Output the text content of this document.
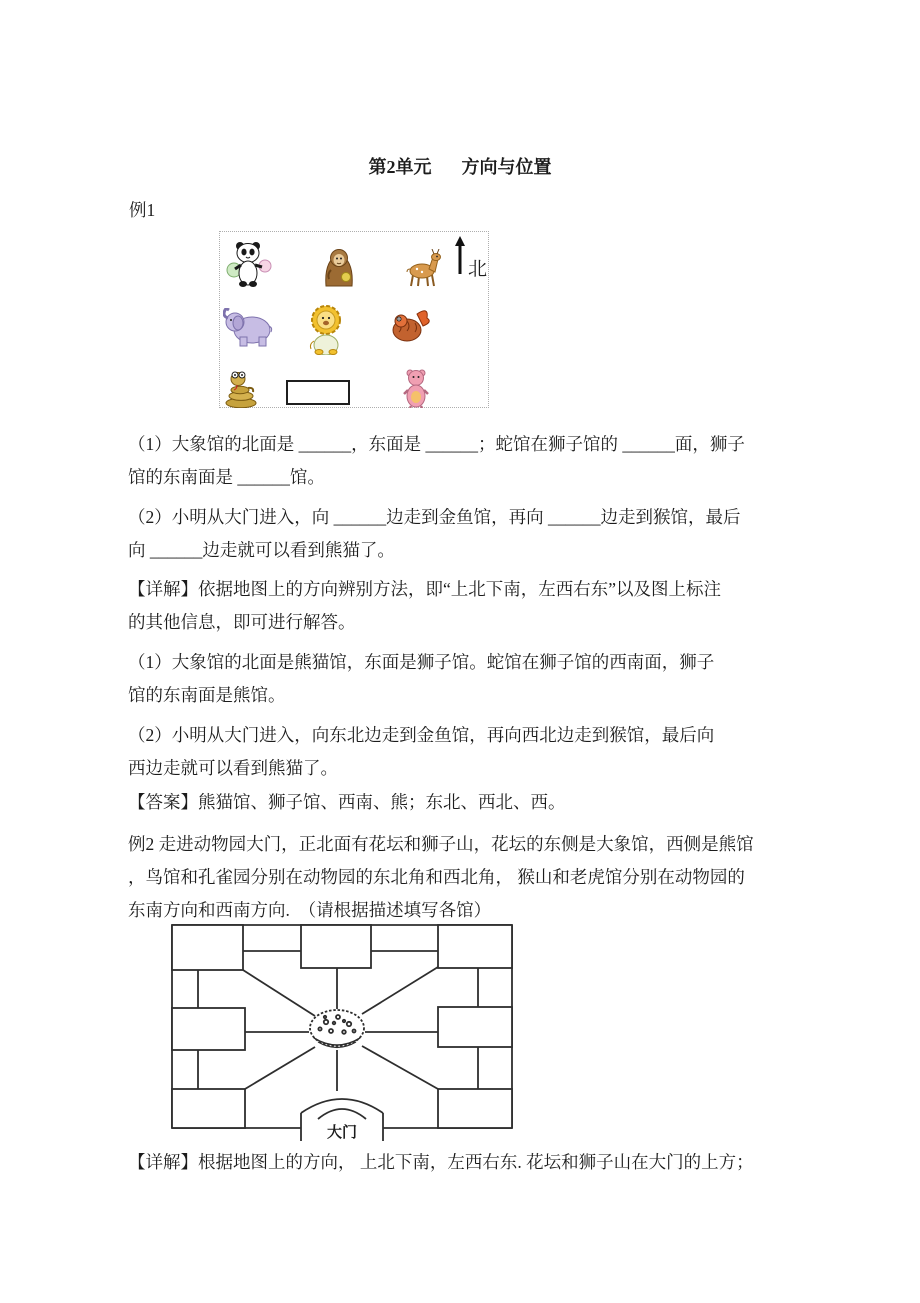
第2单元 方向与位置
例1
北
（1）大象馆的北面是 ______，东面是 ______；蛇馆在狮子馆的 ______面，狮子
馆的东南面是 ______馆。
（2）小明从大门进入，向 ______边走到金鱼馆，再向 ______边走到猴馆，最后
向 ______边走就可以看到熊猫了。
【详解】依据地图上的方向辨别方法，即“上北下南，左西右东”以及图上标注
的其他信息，即可进行解答。
（1）大象馆的北面是熊猫馆，东面是狮子馆。蛇馆在狮子馆的西南面，狮子
馆的东南面是熊馆。
（2）小明从大门进入，向东北边走到金鱼馆，再向西北边走到猴馆，最后向
西边走就可以看到熊猫了。
【答案】熊猫馆、狮子馆、西南、熊；东北、西北、西。
例2 走进动物园大门，正北面有花坛和狮子山，花坛的东侧是大象馆，西侧是熊馆
，鸟馆和孔雀园分别在动物园的东北角和西北角， 猴山和老虎馆分别在动物园的
东南方向和西南方向.　（请根据描述填写各馆）
大门
【详解】根据地图上的方向， 上北下南，左西右东. 花坛和狮子山在大门的上方；
